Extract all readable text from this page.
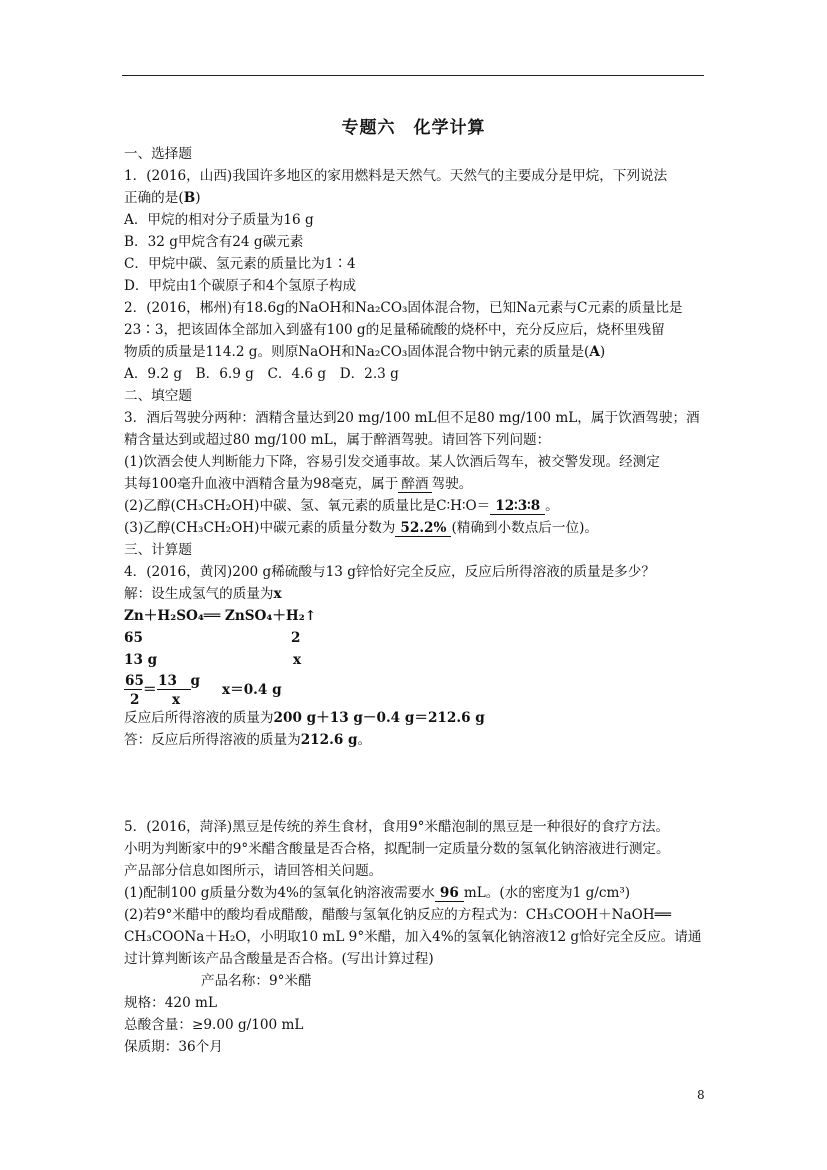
专题六　化学计算
一、选择题
1．(2016，山西)我国许多地区的家用燃料是天然气。天然气的主要成分是甲烷，下列说法
正确的是(B)
A．甲烷的相对分子质量为16 g
B．32 g甲烷含有24 g碳元素
C．甲烷中碳、氢元素的质量比为1∶4
D．甲烷由1个碳原子和4个氢原子构成
2．(2016，郴州)有18.6g的NaOH和Na₂CO₃固体混合物，已知Na元素与C元素的质量比是
23∶3，把该固体全部加入到盛有100 g的足量稀硫酸的烧杯中，充分反应后，烧杯里残留
物质的质量是114.2 g。则原NaOH和Na₂CO₃固体混合物中钠元素的质量是(A)
A．9.2 g　B．6.9 g　C．4.6 g　D．2.3 g
二、填空题
3．酒后驾驶分两种：酒精含量达到20 mg/100 mL但不足80 mg/100 mL，属于饮酒驾驶；酒
精含量达到或超过80 mg/100 mL，属于醉酒驾驶。请回答下列问题：
(1)饮酒会使人判断能力下降，容易引发交通事故。某人饮酒后驾车，被交警发现。经测定
其每100毫升血液中酒精含量为98毫克，属于 醉酒 驾驶。
(2)乙醇(CH₃CH₂OH)中碳、氢、氧元素的质量比是C∶H∶O＝ 12∶3∶8 。
(3)乙醇(CH₃CH₂OH)中碳元素的质量分数为 52.2% (精确到小数点后一位)。
三、计算题
4．(2016，黄冈)200 g稀硫酸与13 g锌恰好完全反应，反应后所得溶液的质量是多少？
解：设生成氢气的质量为x
Zn＋H₂SO₄══ ZnSO₄＋H₂↑
65	2
13 g	x
65
2
＝
13　g
x
x＝0.4 g
反应后所得溶液的质量为200 g＋13 g－0.4 g＝212.6 g
答：反应后所得溶液的质量为212.6 g。
5．(2016，菏泽)黑豆是传统的养生食材，食用9°米醋泡制的黑豆是一种很好的食疗方法。
小明为判断家中的9°米醋含酸量是否合格，拟配制一定质量分数的氢氧化钠溶液进行测定。
产品部分信息如图所示，请回答相关问题。
(1)配制100 g质量分数为4%的氢氧化钠溶液需要水 96 mL。(水的密度为1 g/cm³)
(2)若9°米醋中的酸均看成醋酸，醋酸与氢氧化钠反应的方程式为：CH₃COOH＋NaOH══
CH₃COONa＋H₂O，小明取10 mL 9°米醋，加入4%的氢氧化钠溶液12 g恰好完全反应。请通
过计算判断该产品含酸量是否合格。(写出计算过程)
产品名称：9°米醋
规格：420 mL
总酸含量：≥9.00 g/100 mL
保质期：36个月
8
